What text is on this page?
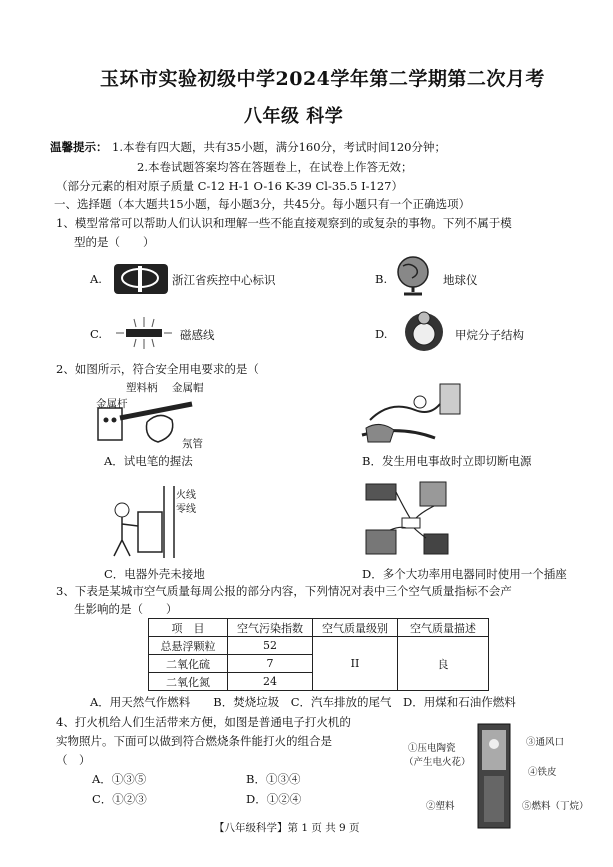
玉环市实验初级中学2024学年第二学期第二次月考
八年级 科学
温馨提示： 1.本卷有四大题，共有35小题，满分160分，考试时间120分钟；
2.本卷试题答案均答在答题卷上，在试卷上作答无效；
（部分元素的相对原子质量 C-12 H-1 O-16 K-39 Cl-35.5 I-127）
一、选择题（本大题共15小题，每小题3分，共45分。每小题只有一个正确选项）
1、模型常常可以帮助人们认识和理解一些不能直接观察到的或复杂的事物。下列不属于模
型的是（　　）
A.	浙江省疾控中心标识	B.	地球仪
C.	磁感线	D.	甲烷分子结构
2、如图所示，符合安全用电要求的是（
塑料柄 金属帽
金属杆
氖管
A．试电笔的握法	B．发生用电事故时立即切断电源
火线
零线
C．电器外壳未接地	D．多个大功率用电器同时使用一个插座
3、下表是某城市空气质量每周公报的部分内容，下列情况对表中三个空气质量指标不会产
生影响的是（　　）
项　目	空气污染指数	空气质量级别	空气质量描述
总悬浮颗粒	52	II	良
二氧化硫	7		
二氧化氮	24		
A．用天然气作燃料　　B．焚烧垃圾　C．汽车排放的尾气　D．用煤和石油作燃料
4、打火机给人们生活带来方便，如图是普通电子打火机的
实物照片。下面可以做到符合燃烧条件能打火的组合是
（　）
A．①③⑤	B．①③④
C．①②③	D．①②④
①压电陶瓷
（产生电火花）
③通风口
④铁皮
②塑料	⑤燃料（丁烷）
【八年级科学】第 1 页 共 9 页
